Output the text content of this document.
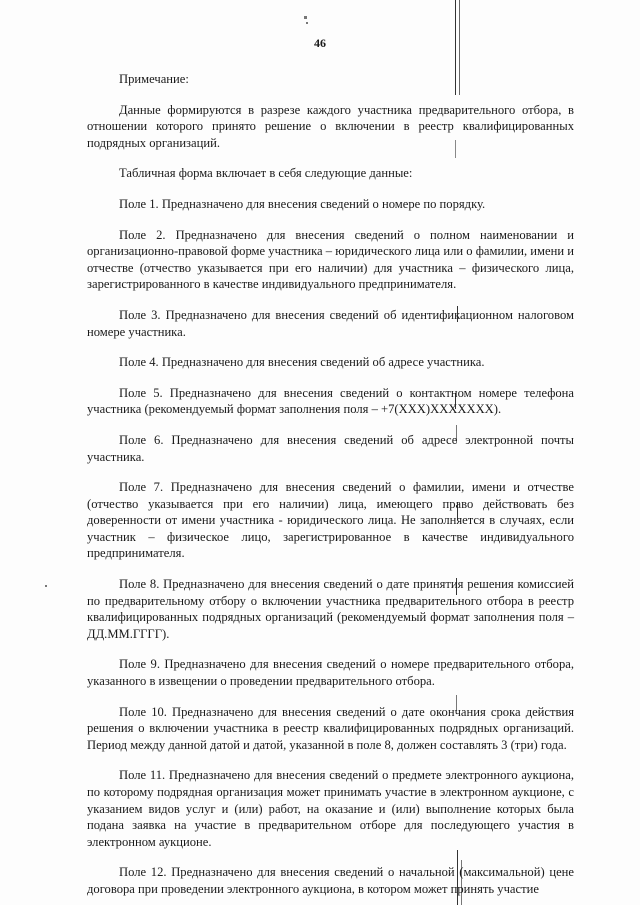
46

Примечание:

Данные формируются в разрезе каждого участника предварительного отбора, в отношении которого принято решение о включении в реестр квалифицированных подрядных организаций.

Табличная форма включает в себя следующие данные:

Поле 1. Предназначено для внесения сведений о номере по порядку.

Поле 2. Предназначено для внесения сведений о полном наименовании и организационно-правовой форме участника – юридического лица или о фамилии, имени и отчестве (отчество указывается при его наличии) для участника – физического лица, зарегистрированного в качестве индивидуального предпринимателя.

Поле 3. Предназначено для внесения сведений об идентификационном налоговом номере участника.

Поле 4. Предназначено для внесения сведений об адресе участника.

Поле 5. Предназначено для внесения сведений о контактном номере телефона участника (рекомендуемый формат заполнения поля – +7(XXX)XXXXXXX).

Поле 6. Предназначено для внесения сведений об адресе электронной почты участника.

Поле 7. Предназначено для внесения сведений о фамилии, имени и отчестве (отчество указывается при его наличии) лица, имеющего право действовать без доверенности от имени участника - юридического лица. Не заполняется в случаях, если участник – физическое лицо, зарегистрированное в качестве индивидуального предпринимателя.

Поле 8. Предназначено для внесения сведений о дате принятия решения комиссией по предварительному отбору о включении участника предварительного отбора в реестр квалифицированных подрядных организаций (рекомендуемый формат заполнения поля – ДД.ММ.ГГГГ).

Поле 9. Предназначено для внесения сведений о номере предварительного отбора, указанного в извещении о проведении предварительного отбора.

Поле 10. Предназначено для внесения сведений о дате окончания срока действия решения о включении участника в реестр квалифицированных подрядных организаций. Период между данной датой и датой, указанной в поле 8, должен составлять 3 (три) года.

Поле 11. Предназначено для внесения сведений о предмете электронного аукциона, по которому подрядная организация может принимать участие в электронном аукционе, с указанием видов услуг и (или) работ, на оказание и (или) выполнение которых была подана заявка на участие в предварительном отборе для последующего участия в электронном аукционе.

Поле 12. Предназначено для внесения сведений о начальной (максимальной) цене договора при проведении электронного аукциона, в котором может принять участие
